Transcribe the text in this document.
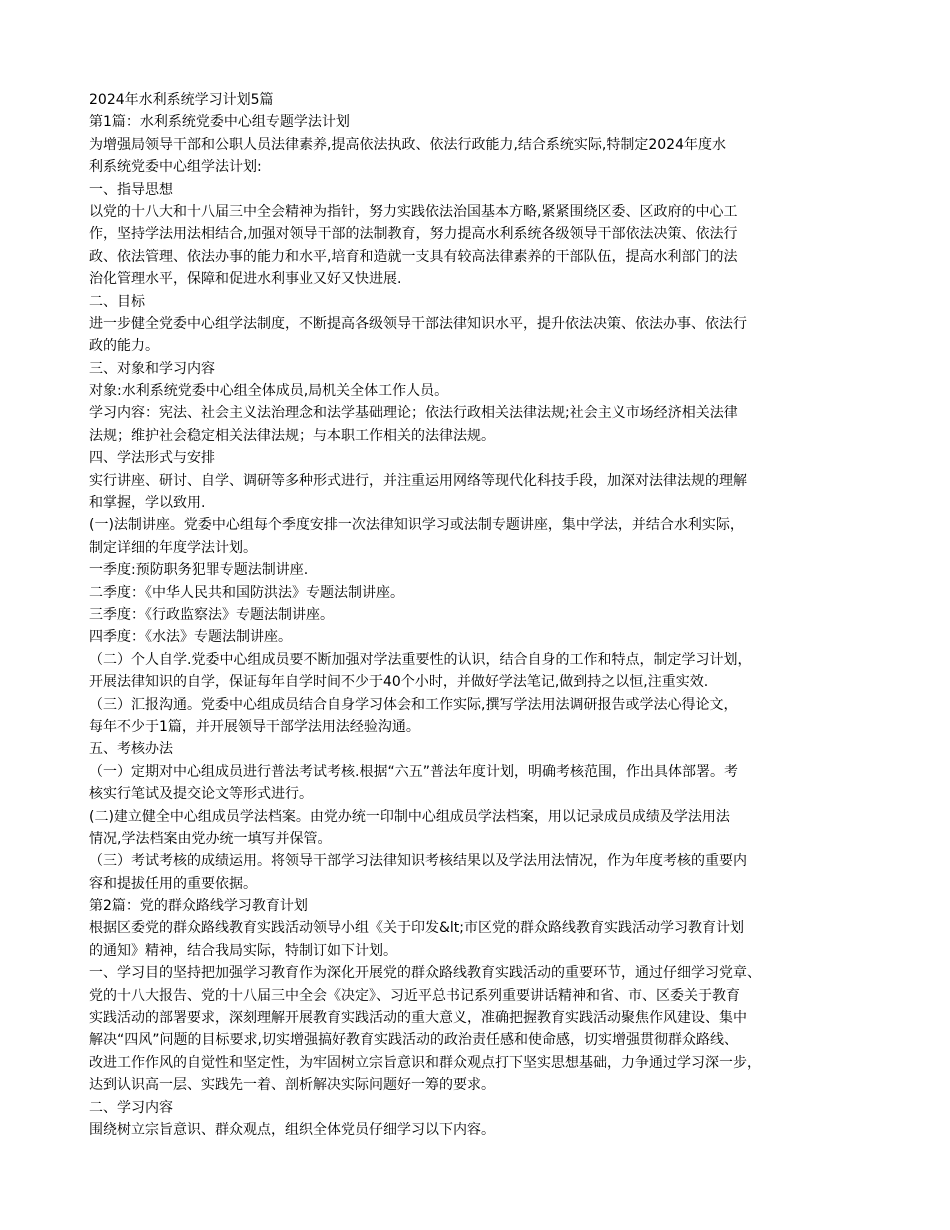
2024年水利系统学习计划5篇
第1篇：水利系统党委中心组专题学法计划
为增强局领导干部和公职人员法律素养,提高依法执政、依法行政能力,结合系统实际,特制定2024年度水
利系统党委中心组学法计划:
一、指导思想
以党的十八大和十八届三中全会精神为指针，努力实践依法治国基本方略,紧紧围绕区委、区政府的中心工
作，坚持学法用法相结合,加强对领导干部的法制教育，努力提高水利系统各级领导干部依法决策、依法行
政、依法管理、依法办事的能力和水平,培育和造就一支具有较高法律素养的干部队伍，提高水利部门的法
治化管理水平，保障和促进水利事业又好又快进展.
二、目标
进一步健全党委中心组学法制度，不断提高各级领导干部法律知识水平，提升依法决策、依法办事、依法行
政的能力。
三、对象和学习内容
对象:水利系统党委中心组全体成员,局机关全体工作人员。
学习内容：宪法、社会主义法治理念和法学基础理论；依法行政相关法律法规;社会主义市场经济相关法律
法规；维护社会稳定相关法律法规；与本职工作相关的法律法规。
四、学法形式与安排
实行讲座、研讨、自学、调研等多种形式进行，并注重运用网络等现代化科技手段，加深对法律法规的理解
和掌握，学以致用.
(一)法制讲座。党委中心组每个季度安排一次法律知识学习或法制专题讲座，集中学法，并结合水利实际，
制定详细的年度学法计划。
一季度:预防职务犯罪专题法制讲座.
二季度：《中华人民共和国防洪法》专题法制讲座。
三季度：《行政监察法》专题法制讲座。
四季度：《水法》专题法制讲座。
（二）个人自学.党委中心组成员要不断加强对学法重要性的认识，结合自身的工作和特点，制定学习计划，
开展法律知识的自学，保证每年自学时间不少于40个小时，并做好学法笔记,做到持之以恒,注重实效.
（三）汇报沟通。党委中心组成员结合自身学习体会和工作实际,撰写学法用法调研报告或学法心得论文，
每年不少于1篇，并开展领导干部学法用法经验沟通。
五、考核办法
（一）定期对中心组成员进行普法考试考核.根据“六五”普法年度计划，明确考核范围，作出具体部署。考
核实行笔试及提交论文等形式进行。
(二)建立健全中心组成员学法档案。由党办统一印制中心组成员学法档案，用以记录成员成绩及学法用法
情况,学法档案由党办统一填写并保管。
（三）考试考核的成绩运用。将领导干部学习法律知识考核结果以及学法用法情况，作为年度考核的重要内
容和提拔任用的重要依据。
第2篇：党的群众路线学习教育计划
根据区委党的群众路线教育实践活动领导小组《关于印发&lt;市区党的群众路线教育实践活动学习教育计划
的通知》精神，结合我局实际，特制订如下计划。
一、学习目的坚持把加强学习教育作为深化开展党的群众路线教育实践活动的重要环节，通过仔细学习党章、
党的十八大报告、党的十八届三中全会《决定》、习近平总书记系列重要讲话精神和省、市、区委关于教育
实践活动的部署要求，深刻理解开展教育实践活动的重大意义，准确把握教育实践活动聚焦作风建设、集中
解决“四风”问题的目标要求,切实增强搞好教育实践活动的政治责任感和使命感，切实增强贯彻群众路线、
改进工作作风的自觉性和坚定性，为牢固树立宗旨意识和群众观点打下坚实思想基础，力争通过学习深一步，
达到认识高一层、实践先一着、剖析解决实际问题好一筹的要求。
二、学习内容
围绕树立宗旨意识、群众观点，组织全体党员仔细学习以下内容。
